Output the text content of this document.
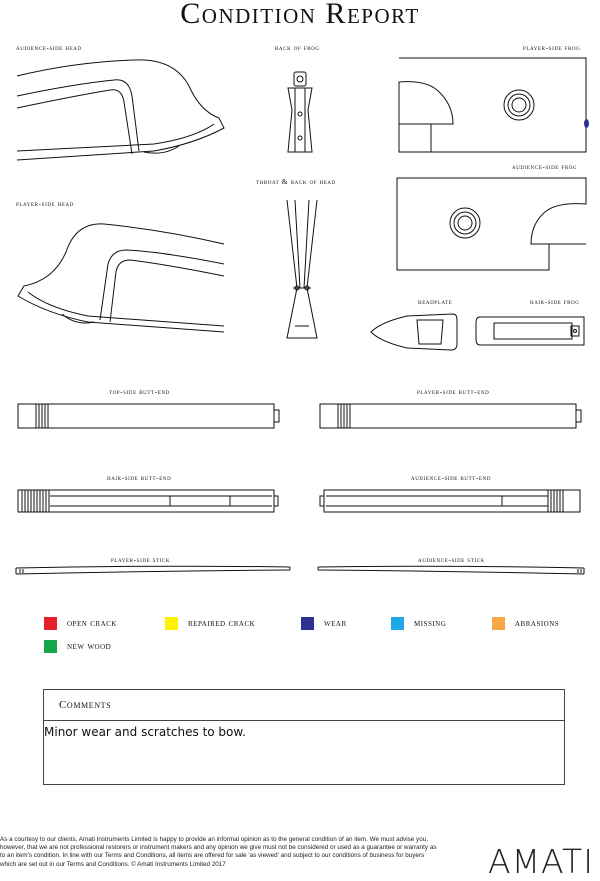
Condition Report
audience-side head	back of frog	player-side frog
throat & back of head
audience-side frog
player-side head
headplate	hair-side frog
top-side butt-end	player-side butt-end
hair-side butt-end	audience-side butt-end
player-side stick	audience-side stick
open crack	repaired crack	wear	missing	abrasions
new wood
Comments
Minor wear and scratches to bow.
As a courtesy to our clients, Amati Instruments Limited is happy to provide an informal opinion as to the general condition of an item. We must advise you, however, that we are not professional restorers or instrument makers and any opinion we give must not be considered or used as a guarantee or warranty as to an item's condition. In line with our Terms and Conditions, all items are offered for sale 'as viewed' and subject to our conditions of business for buyers which are set out in our Terms and Conditions. © Amati Instruments Limited 2017	AMATI
